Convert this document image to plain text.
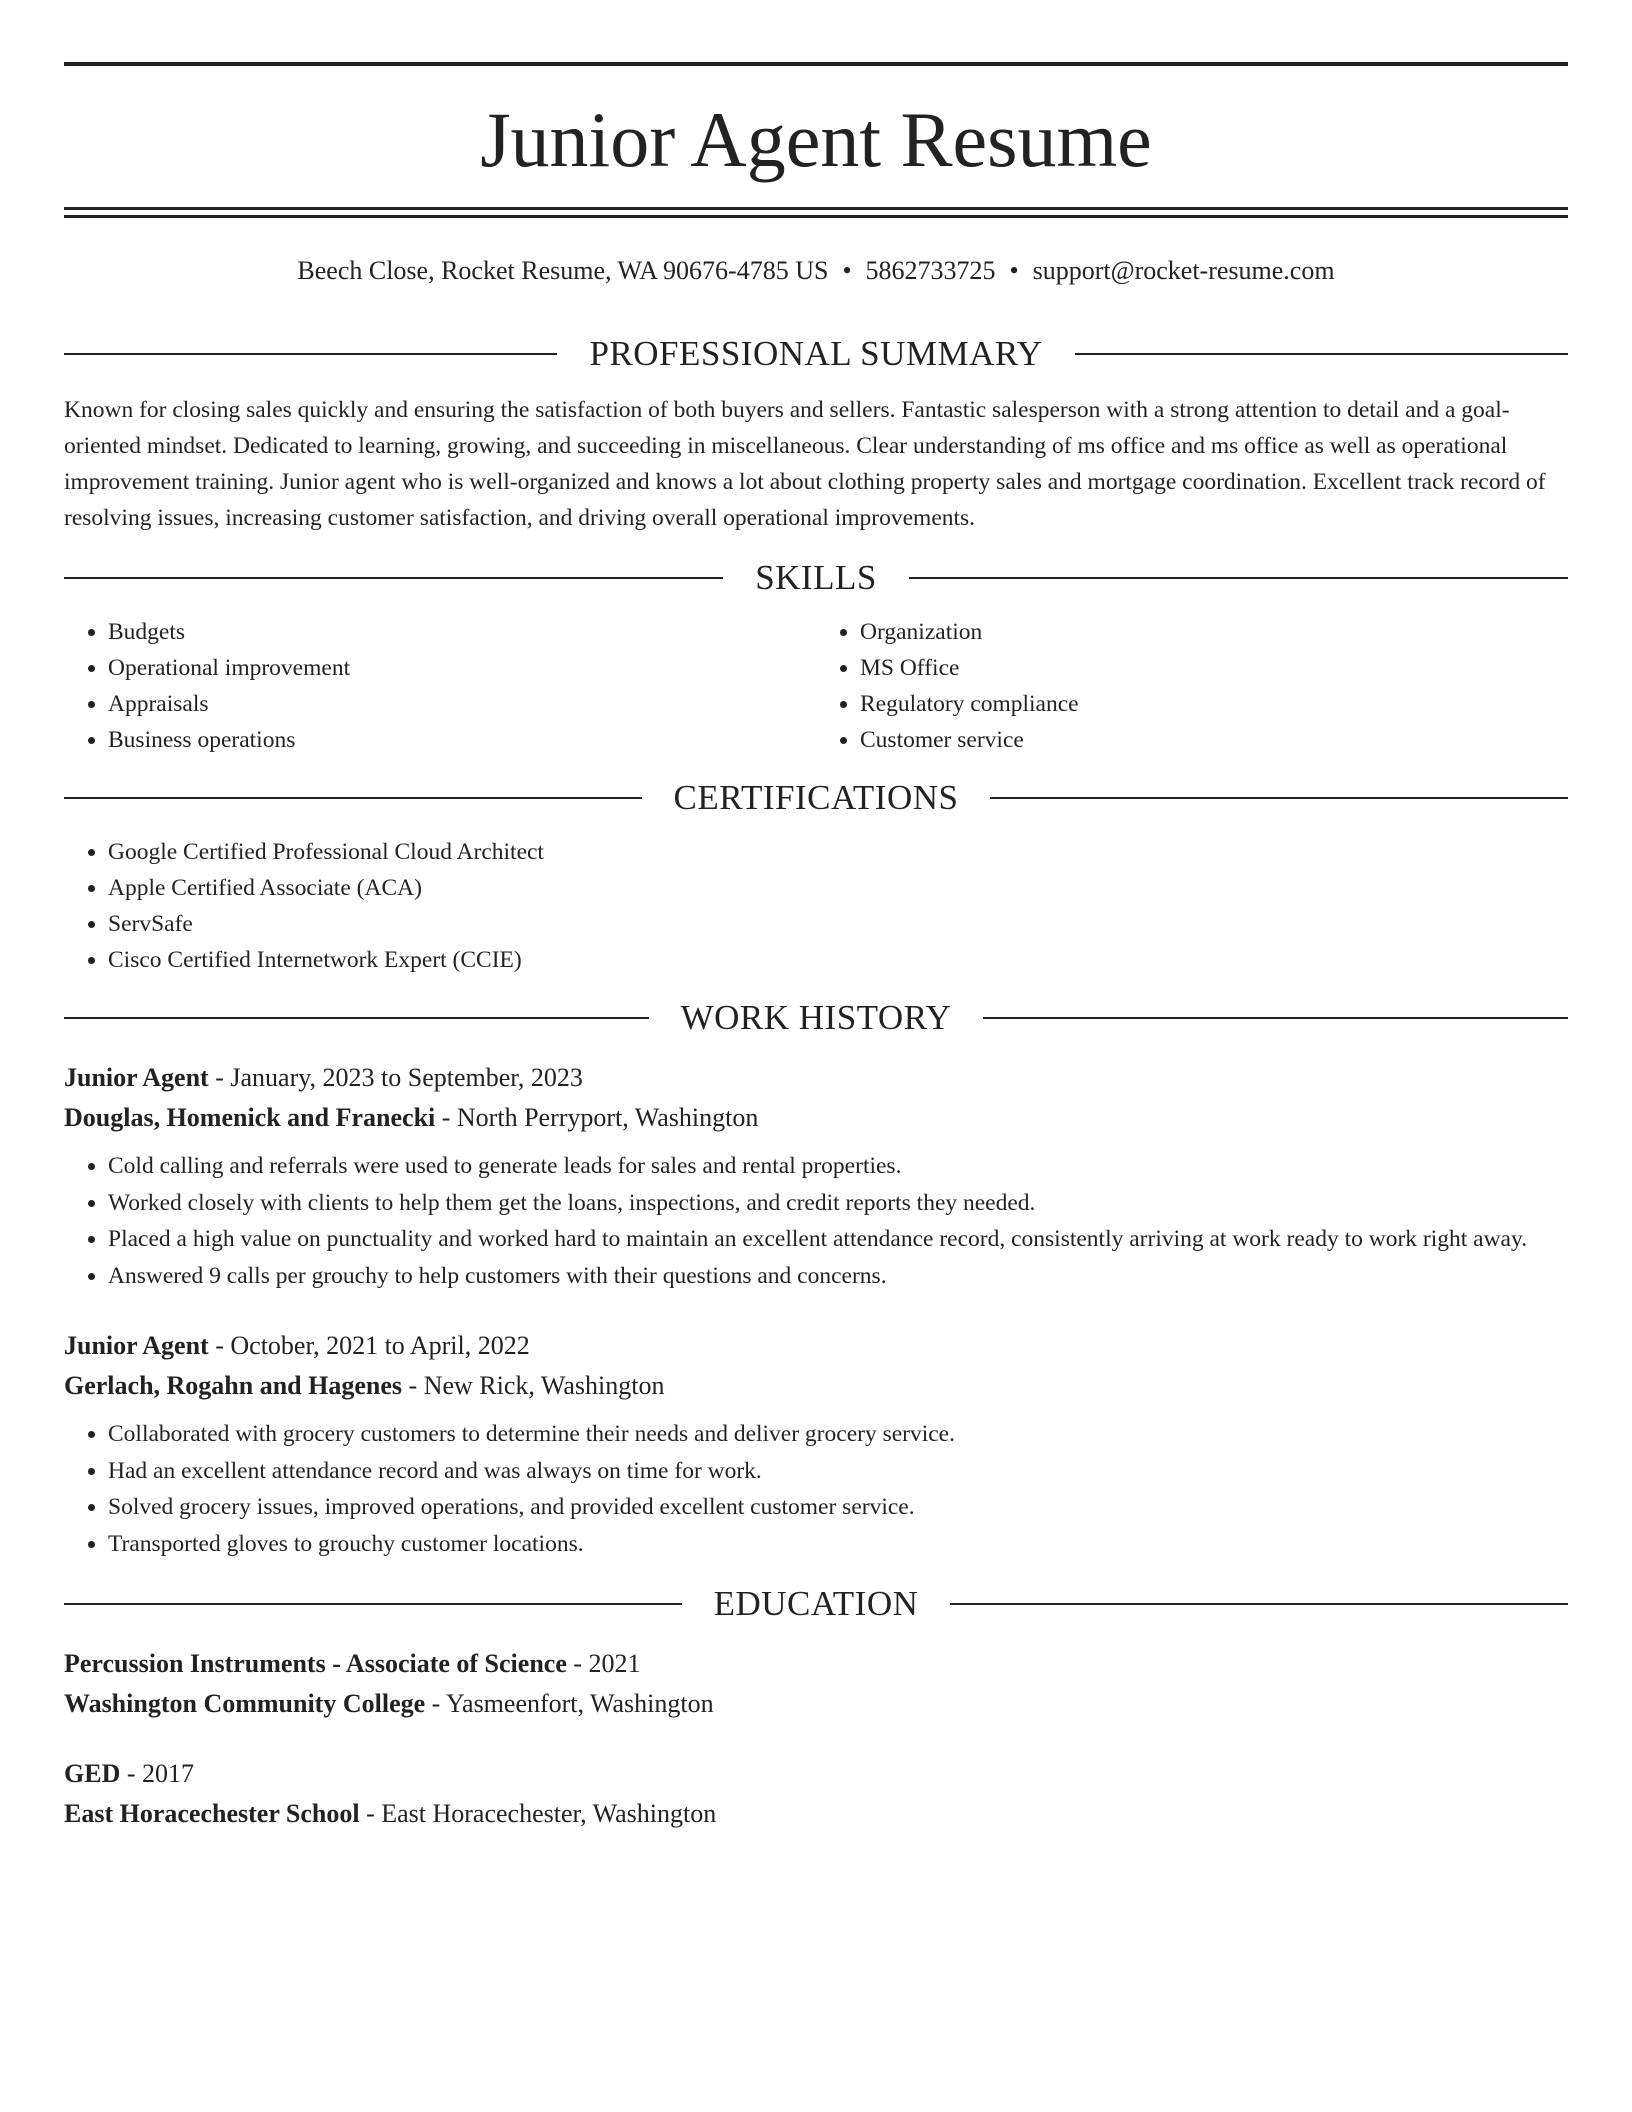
Junior Agent Resume
Beech Close, Rocket Resume, WA 90676-4785 US • 5862733725 • support@rocket-resume.com
PROFESSIONAL SUMMARY

Known for closing sales quickly and ensuring the satisfaction of both buyers and sellers. Fantastic salesperson with a strong attention to detail and a goal-oriented mindset. Dedicated to learning, growing, and succeeding in miscellaneous. Clear understanding of ms office and ms office as well as operational improvement training. Junior agent who is well-organized and knows a lot about clothing property sales and mortgage coordination. Excellent track record of resolving issues, increasing customer satisfaction, and driving overall operational improvements.

SKILLS
• Budgets
• Operational improvement
• Appraisals
• Business operations
• Organization
• MS Office
• Regulatory compliance
• Customer service
CERTIFICATIONS
• Google Certified Professional Cloud Architect
• Apple Certified Associate (ACA)
• ServSafe
• Cisco Certified Internetwork Expert (CCIE)
WORK HISTORY
Junior Agent - January, 2023 to September, 2023
Douglas, Homenick and Franecki - North Perryport, Washington
• Cold calling and referrals were used to generate leads for sales and rental properties.
• Worked closely with clients to help them get the loans, inspections, and credit reports they needed.
• Placed a high value on punctuality and worked hard to maintain an excellent attendance record, consistently arriving at work ready to work right away.
• Answered 9 calls per grouchy to help customers with their questions and concerns.
Junior Agent - October, 2021 to April, 2022
Gerlach, Rogahn and Hagenes - New Rick, Washington
• Collaborated with grocery customers to determine their needs and deliver grocery service.
• Had an excellent attendance record and was always on time for work.
• Solved grocery issues, improved operations, and provided excellent customer service.
• Transported gloves to grouchy customer locations.
EDUCATION
Percussion Instruments - Associate of Science - 2021
Washington Community College - Yasmeenfort, Washington
GED - 2017
East Horacechester School - East Horacechester, Washington
